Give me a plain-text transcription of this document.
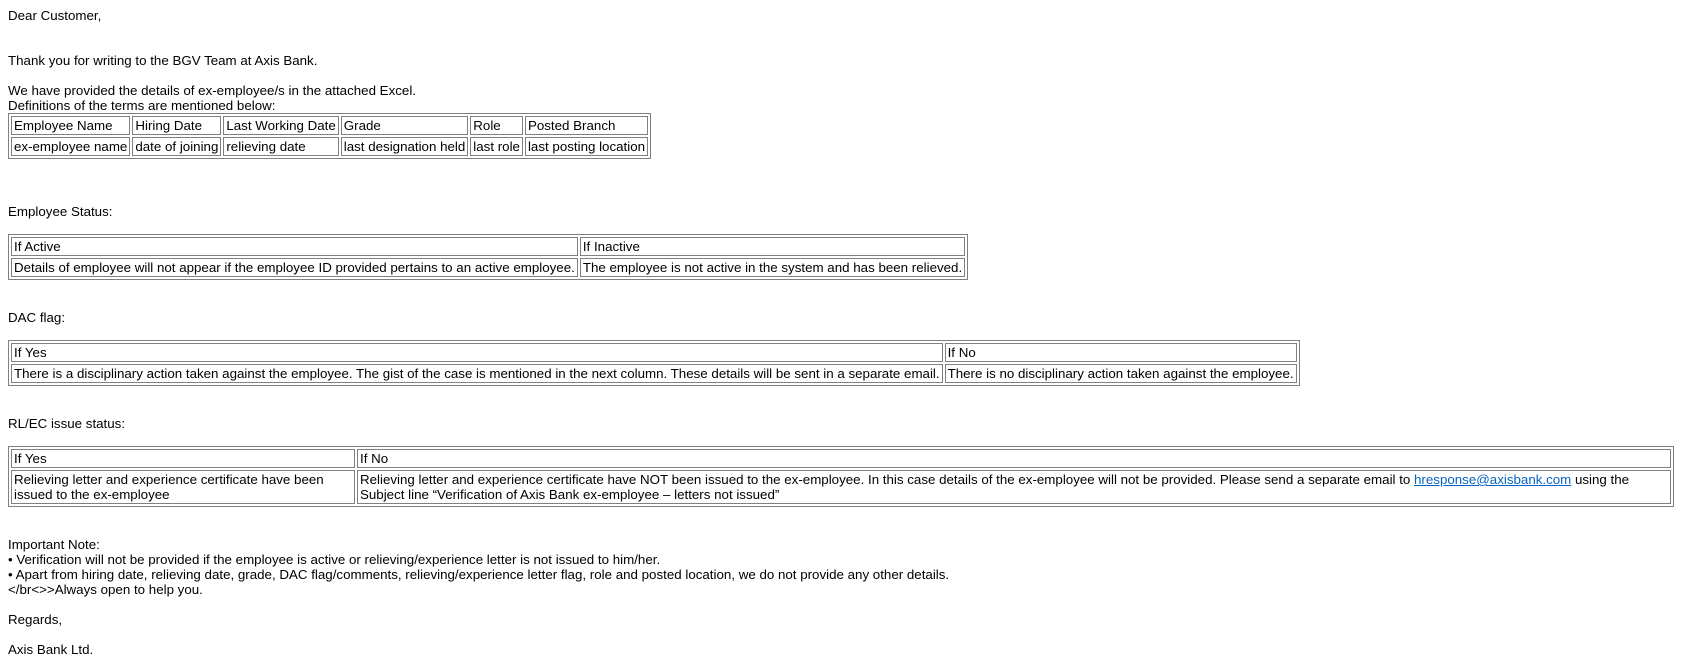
Dear Customer,

Thank you for writing to the BGV Team at Axis Bank.

We have provided the details of ex-employee/s in the attached Excel.

Definitions of the terms are mentioned below:

Employee Name	Hiring Date	Last Working Date	Grade	Role	Posted Branch
ex-employee name	date of joining	relieving date	last designation held	last role	last posting location

Employee Status:

If Active	If Inactive
Details of employee will not appear if the employee ID provided pertains to an active employee.	The employee is not active in the system and has been relieved.

DAC flag:

If Yes	If No
There is a disciplinary action taken against the employee. The gist of the case is mentioned in the next column. These details will be sent in a separate email.	There is no disciplinary action taken against the employee.

RL/EC issue status:

If Yes	If No
Relieving letter and experience certificate have been issued to the ex-employee	Relieving letter and experience certificate have NOT been issued to the ex-employee. In this case details of the ex-employee will not be provided. Please send a separate email to hresponse@axisbank.com using the Subject line “Verification of Axis Bank ex-employee – letters not issued”

Important Note:

• Verification will not be provided if the employee is active or relieving/experience letter is not issued to him/her.

• Apart from hiring date, relieving date, grade, DAC flag/comments, relieving/experience letter flag, role and posted location, we do not provide any other details.

</br<>>Always open to help you.

Regards,

Axis Bank Ltd.
